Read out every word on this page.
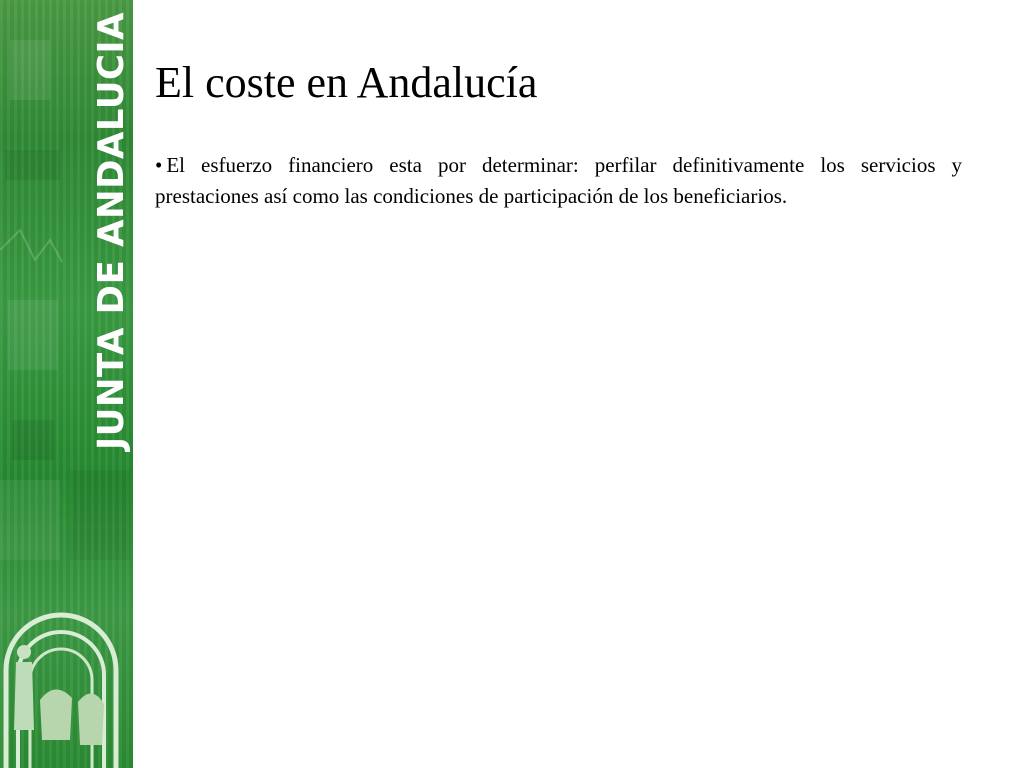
Consejería de Economía y Hacienda
JUNTA DE ANDALUCIA El coste en Andalucía

• El esfuerzo financiero esta por determinar: perfilar definitivamente los servicios y prestaciones así como las condiciones de participación de los beneficiarios.
